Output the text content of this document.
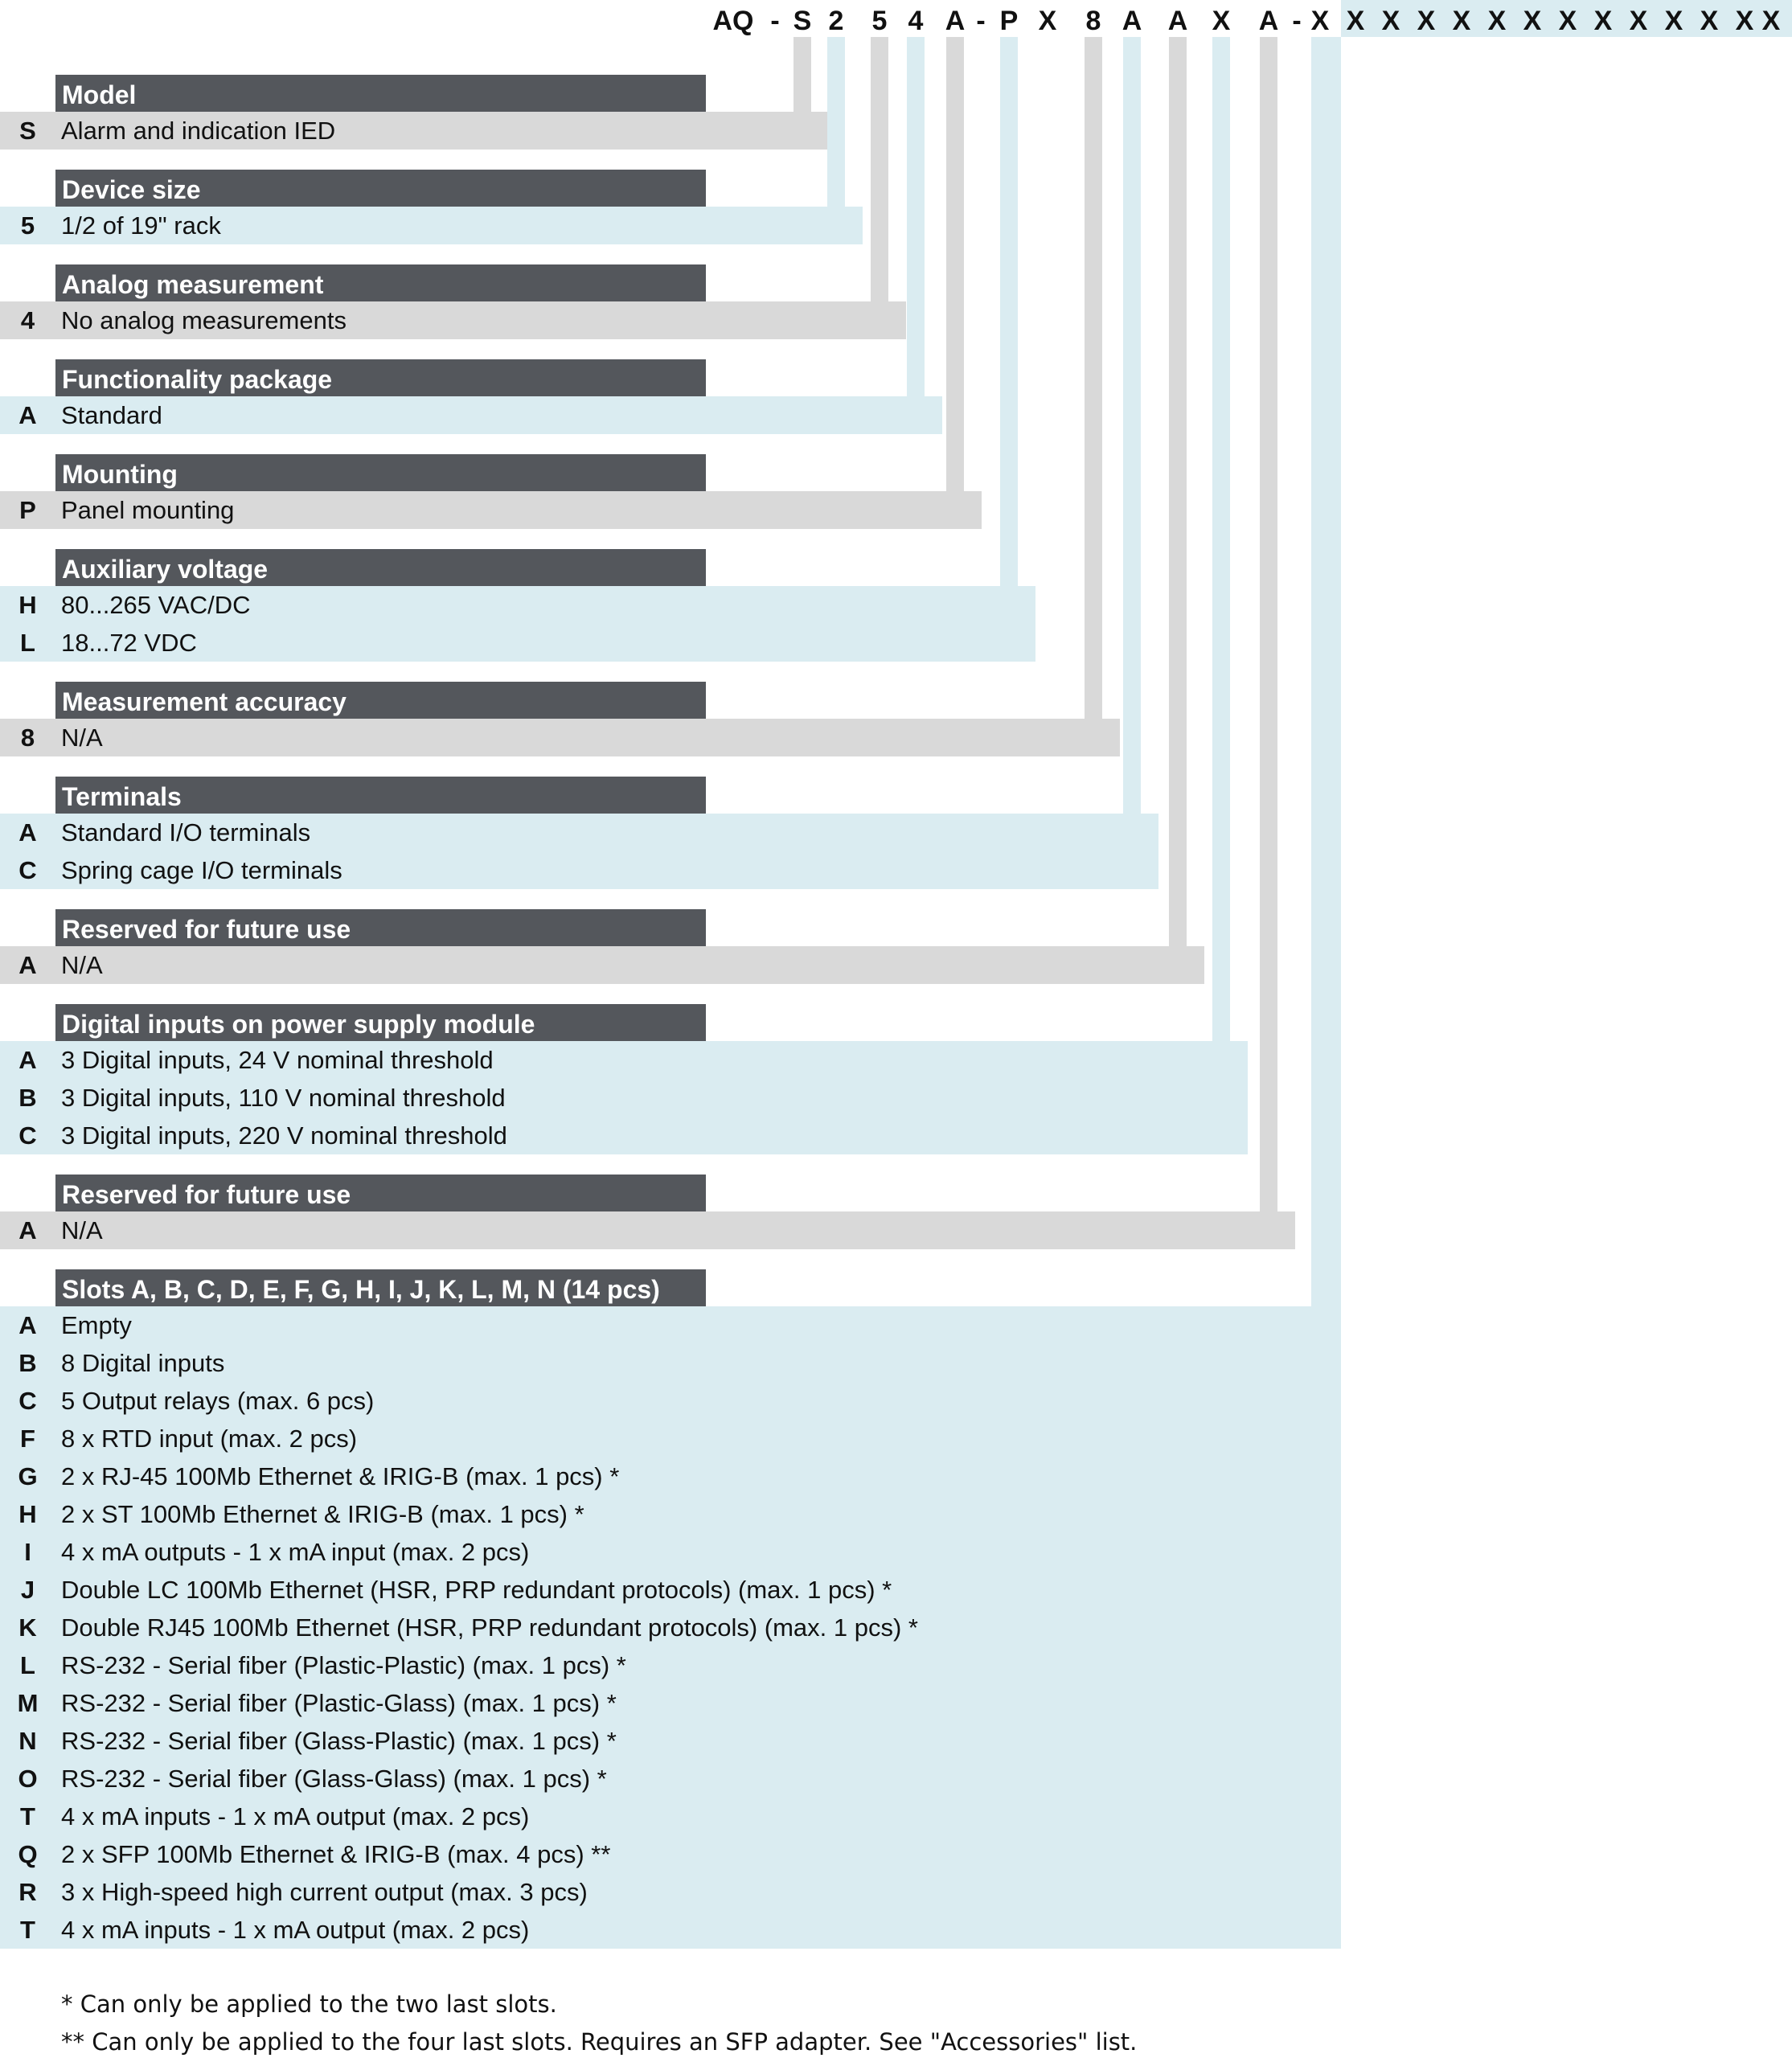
AQ - S 2 5 4 A - P X 8 A A X A - X X X X X X X X X X X X X X
Model
S	Alarm and indication IED
Device size
5	1/2 of 19" rack
Analog measurement
4	No analog measurements
Functionality package
A Standard
Mounting
P	Panel mounting
Auxiliary voltage
H 80...265 VAC/DC
L	18...72 VDC
Measurement accuracy
8	N/A
Terminals
A Standard I/O terminals
C Spring cage I/O terminals
Reserved for future use
A N/A
Digital inputs on power supply module
A 3 Digital inputs, 24 V nominal threshold
B 3 Digital inputs, 110 V nominal threshold
C 3 Digital inputs, 220 V nominal threshold
Reserved for future use
A N/A
Slots A, B, C, D, E, F, G, H, I, J, K, L, M, N (14 pcs)
A Empty
B 8 Digital inputs
C 5 Output relays (max. 6 pcs)
F	8 x RTD input (max. 2 pcs)
G 2 x RJ-45 100Mb Ethernet & IRIG-B (max. 1 pcs) *
H 2 x ST 100Mb Ethernet & IRIG-B (max. 1 pcs) *
I	4 x mA outputs - 1 x mA input (max. 2 pcs)
J	Double LC 100Mb Ethernet (HSR, PRP redundant protocols) (max. 1 pcs) *
K Double RJ45 100Mb Ethernet (HSR, PRP redundant protocols) (max. 1 pcs) *
L	RS-232 - Serial fiber (Plastic-Plastic) (max. 1 pcs) *
M RS-232 - Serial fiber (Plastic-Glass) (max. 1 pcs) *
N RS-232 - Serial fiber (Glass-Plastic) (max. 1 pcs) *
O RS-232 - Serial fiber (Glass-Glass) (max. 1 pcs) *
T	4 x mA inputs - 1 x mA output (max. 2 pcs)
Q 2 x SFP 100Mb Ethernet & IRIG-B (max. 4 pcs) **
R 3 x High-speed high current output (max. 3 pcs)
T	4 x mA inputs - 1 x mA output (max. 2 pcs)
* Can only be applied to the two last slots.
** Can only be applied to the four last slots. Requires an SFP adapter. See "Accessories" list.
